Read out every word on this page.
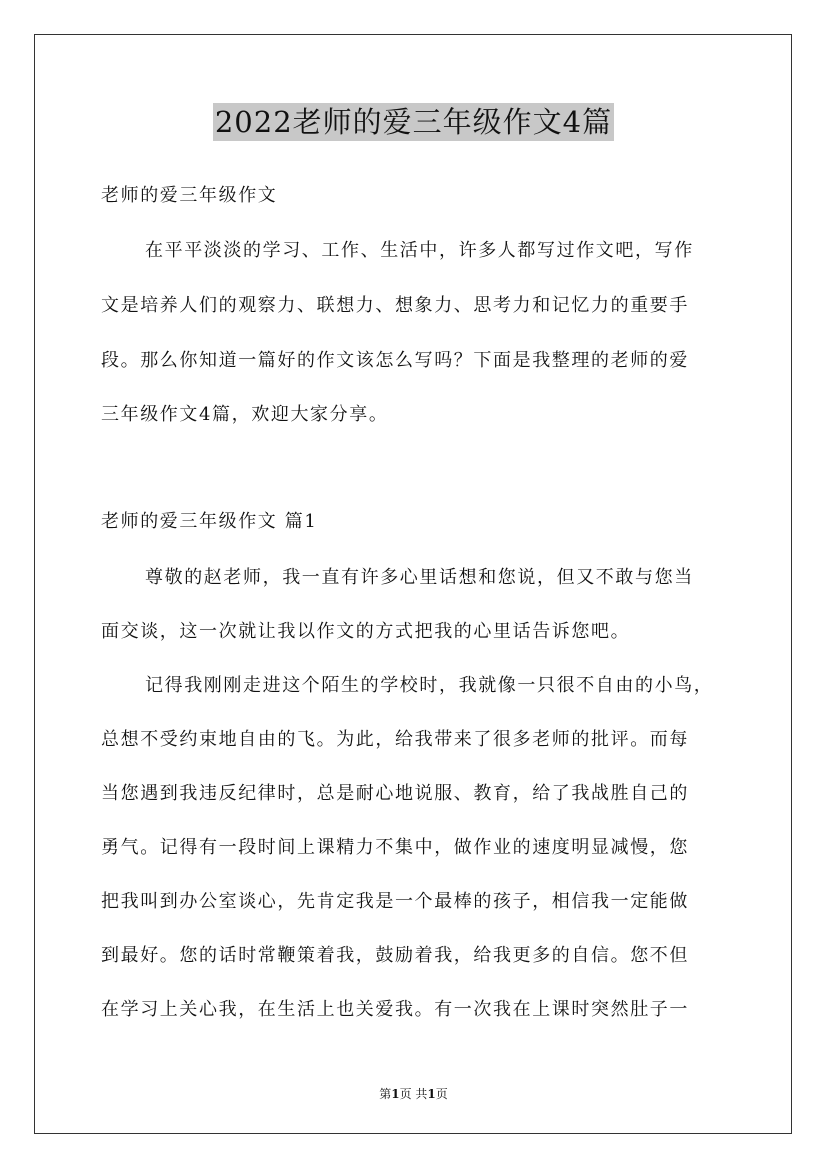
2022老师的爱三年级作文4篇
老师的爱三年级作文
在平平淡淡的学习、工作、生活中，许多人都写过作文吧，写作
文是培养人们的观察力、联想力、想象力、思考力和记忆力的重要手
段。那么你知道一篇好的作文该怎么写吗？下面是我整理的老师的爱
三年级作文4篇，欢迎大家分享。
老师的爱三年级作文 篇1
尊敬的赵老师，我一直有许多心里话想和您说，但又不敢与您当
面交谈，这一次就让我以作文的方式把我的心里话告诉您吧。
记得我刚刚走进这个陌生的学校时，我就像一只很不自由的小鸟，
总想不受约束地自由的飞。为此，给我带来了很多老师的批评。而每
当您遇到我违反纪律时，总是耐心地说服、教育，给了我战胜自己的
勇气。记得有一段时间上课精力不集中，做作业的速度明显减慢，您
把我叫到办公室谈心，先肯定我是一个最棒的孩子，相信我一定能做
到最好。您的话时常鞭策着我，鼓励着我，给我更多的自信。您不但
在学习上关心我，在生活上也关爱我。有一次我在上课时突然肚子一
第1页 共1页
